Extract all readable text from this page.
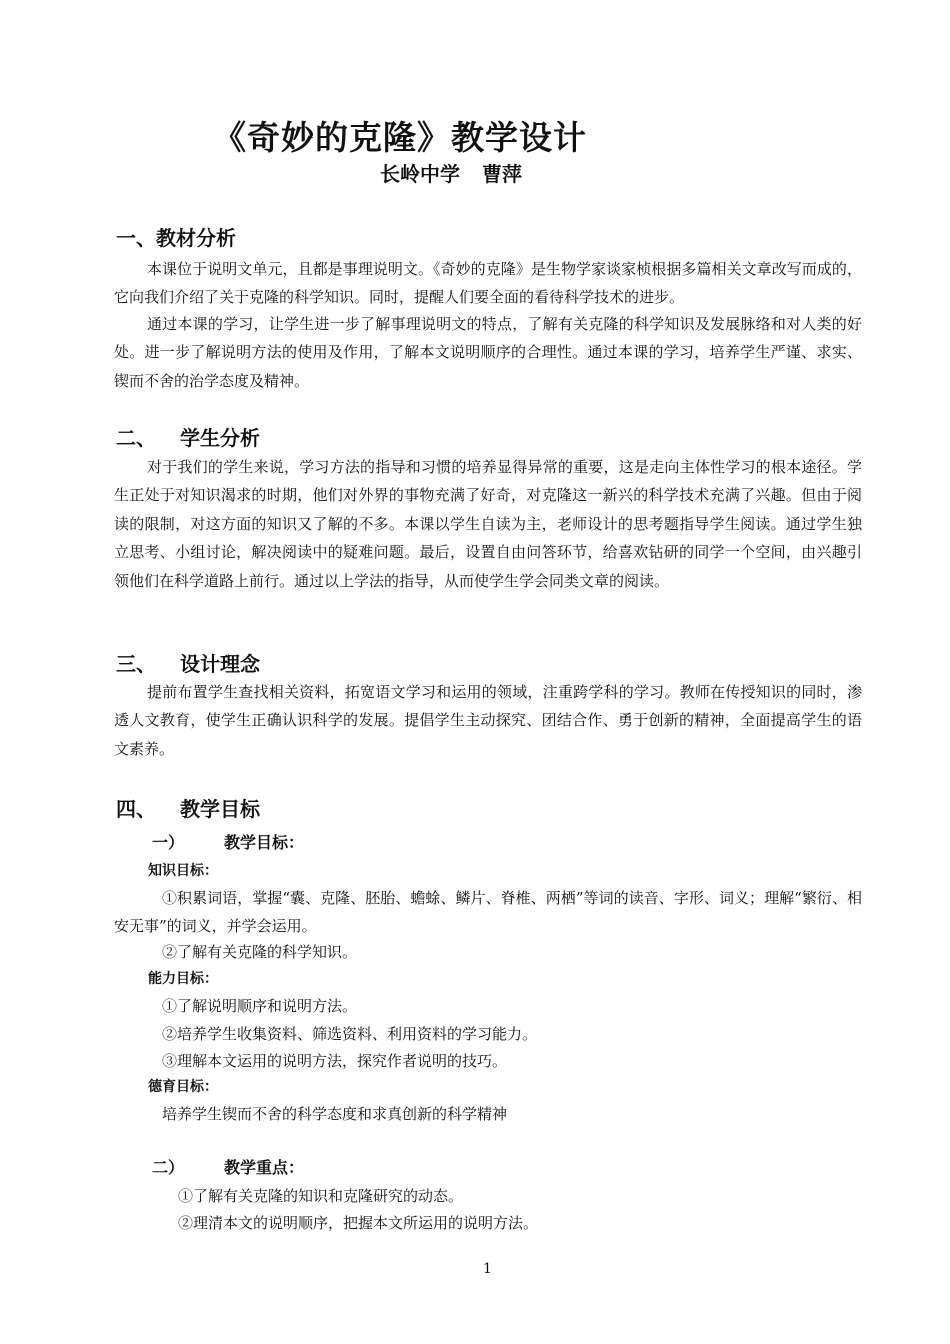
《奇妙的克隆》教学设计
长岭中学 曹萍
一、教材分析

本课位于说明文单元，且都是事理说明文。《奇妙的克隆》是生物学家谈家桢根据多篇相关文章改写而成的，它向我们介绍了关于克隆的科学知识。同时，提醒人们要全面的看待科学技术的进步。

通过本课的学习，让学生进一步了解事理说明文的特点，了解有关克隆的科学知识及发展脉络和对人类的好处。进一步了解说明方法的使用及作用，了解本文说明顺序的合理性。通过本课的学习，培养学生严谨、求实、锲而不舍的治学态度及精神。

二、 学生分析

对于我们的学生来说，学习方法的指导和习惯的培养显得异常的重要，这是走向主体性学习的根本途径。学生正处于对知识渴求的时期，他们对外界的事物充满了好奇，对克隆这一新兴的科学技术充满了兴趣。但由于阅读的限制，对这方面的知识又了解的不多。本课以学生自读为主，老师设计的思考题指导学生阅读。通过学生独立思考、小组讨论，解决阅读中的疑难问题。最后，设置自由问答环节，给喜欢钻研的同学一个空间，由兴趣引领他们在科学道路上前行。通过以上学法的指导，从而使学生学会同类文章的阅读。

三、 设计理念

提前布置学生查找相关资料，拓宽语文学习和运用的领域，注重跨学科的学习。教师在传授知识的同时，渗透人文教育，使学生正确认识科学的发展。提倡学生主动探究、团结合作、勇于创新的精神，全面提高学生的语文素养。

四、 教学目标
一）	教学目标：
知识目标：

①积累词语，掌握“囊、克隆、胚胎、蟾蜍、鳞片、脊椎、两栖”等词的读音、字形、词义；理解“繁衍、相安无事”的词义，并学会运用。

②了解有关克隆的科学知识。

能力目标：

①了解说明顺序和说明方法。

②培养学生收集资料、筛选资料、利用资料的学习能力。

③理解本文运用的说明方法，探究作者说明的技巧。

德育目标：

培养学生锲而不舍的科学态度和求真创新的科学精神

二）	教学重点：

①了解有关克隆的知识和克隆研究的动态。

②理清本文的说明顺序，把握本文所运用的说明方法。

1
